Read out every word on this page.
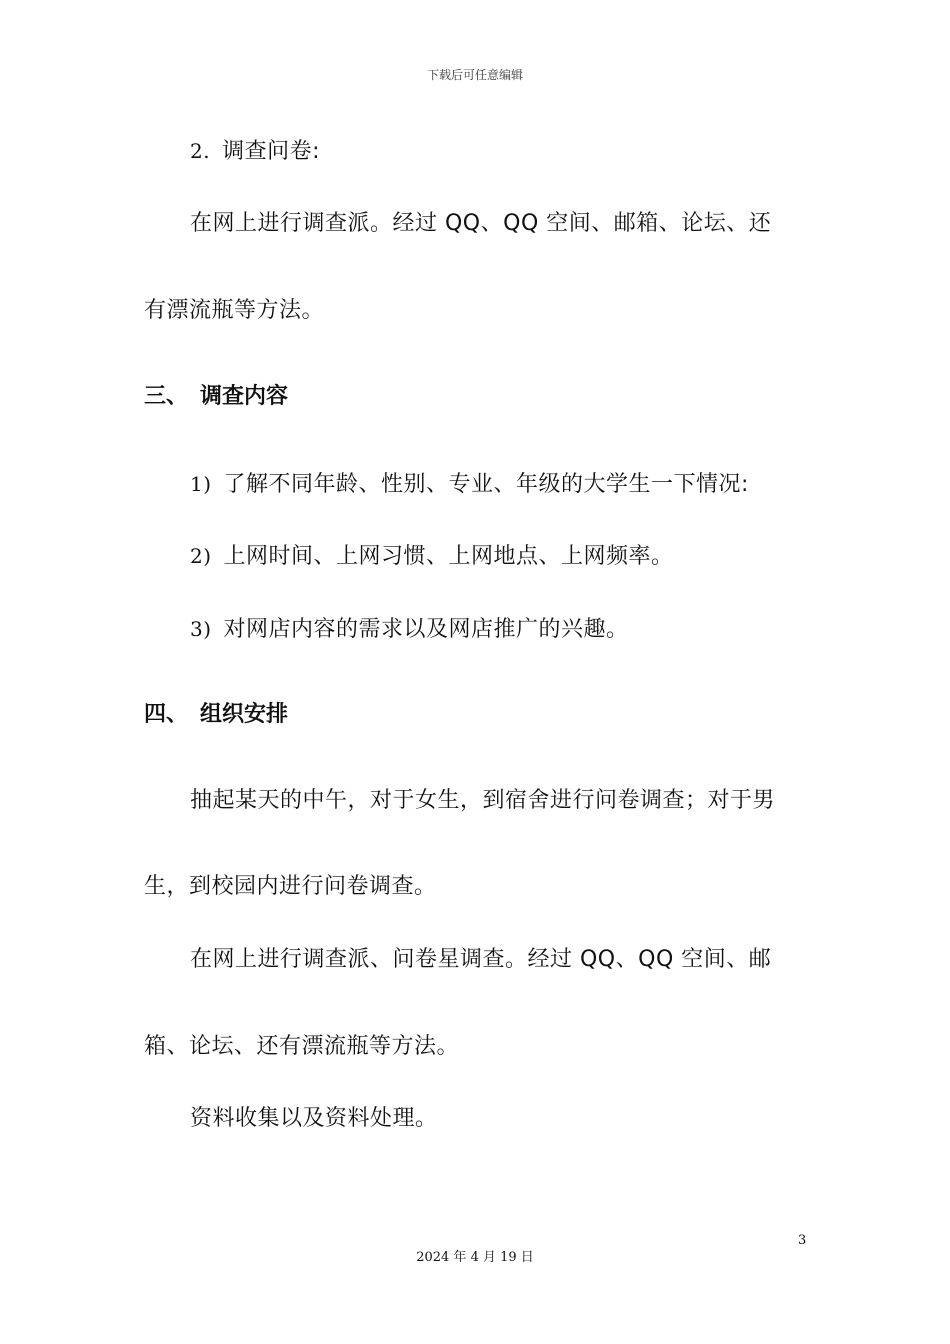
下载后可任意编辑
2. 调查问卷:
在网上进行调查派。经过 QQ、QQ 空间、邮箱、论坛、还
有漂流瓶等方法。
三、 调查内容
1) 了解不同年龄、性别、专业、年级的大学生一下情况:
2) 上网时间、上网习惯、上网地点、上网频率。
3) 对网店内容的需求以及网店推广的兴趣。
四、 组织安排
抽起某天的中午，对于女生，到宿舍进行问卷调查；对于男
生，到校园内进行问卷调查。
在网上进行调查派、问卷星调查。经过 QQ、QQ 空间、邮
箱、论坛、还有漂流瓶等方法。
资料收集以及资料处理。
3
2024 年 4 月 19 日
